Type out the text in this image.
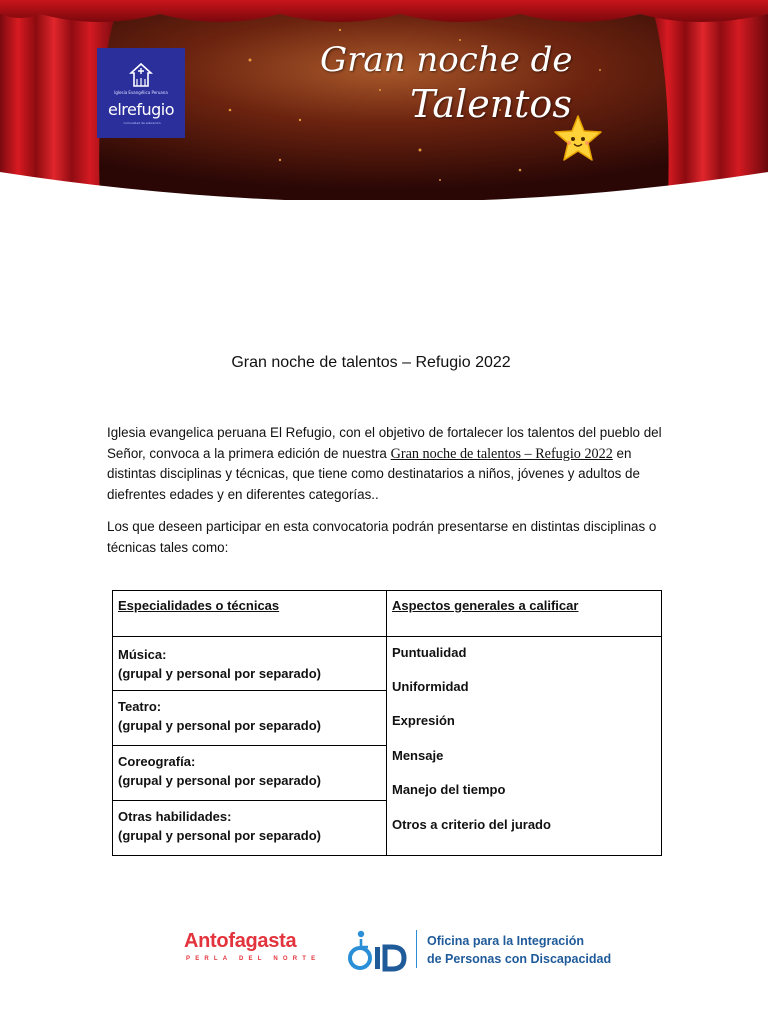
Iglesia Evangélica Peruana
elrefugio
comunidad de adoración
Gran noche de
Talentos
Gran noche de talentos – Refugio 2022
Iglesia evangelica peruana El Refugio, con el objetivo de fortalecer los talentos del pueblo del Señor, convoca a la primera edición de nuestra Gran noche de talentos – Refugio 2022 en distintas disciplinas y técnicas, que tiene como destinatarios a niños, jóvenes y adultos de diefrentes edades y en diferentes categorías..
Los que deseen participar en esta convocatoria podrán presentarse en distintas disciplinas o técnicas tales como:
Especialidades o técnicas	Aspectos generales a calificar
Música:
(grupal y personal por separado)
Teatro:
(grupal y personal por separado)
Coreografía:
(grupal y personal por separado)
Otras habilidades:
(grupal y personal por separado)
Puntualidad
Uniformidad
Expresión
Mensaje
Manejo del tiempo
Otros a criterio del jurado
Antofagasta
PERLA DEL NORTE	OID
Oficina para la Integración
de Personas con Discapacidad
